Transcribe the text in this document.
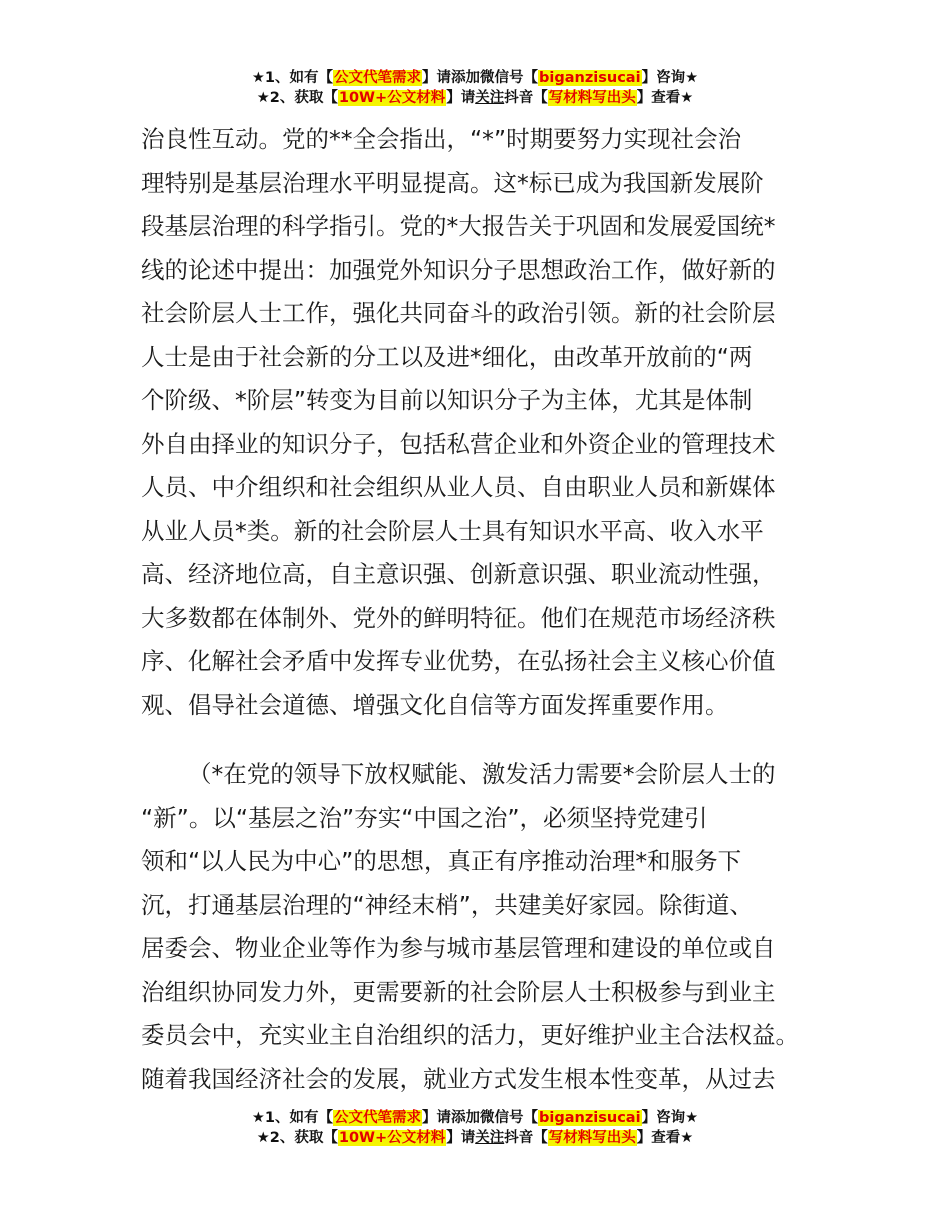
★1、如有【公文代笔需求】请添加微信号【biganzisucai】咨询★
★2、获取【10W+公文材料】请关注抖音【写材料写出头】查看★

治良性互动。党的**全会指出，“*”时期要努力实现社会治

理特别是基层治理水平明显提高。这*标已成为我国新发展阶

段基层治理的科学指引。党的*大报告关于巩固和发展爱国统*

线的论述中提出：加强党外知识分子思想政治工作，做好新的

社会阶层人士工作，强化共同奋斗的政治引领。新的社会阶层

人士是由于社会新的分工以及进*细化，由改革开放前的“两

个阶级、*阶层”转变为目前以知识分子为主体，尤其是体制

外自由择业的知识分子，包括私营企业和外资企业的管理技术

人员、中介组织和社会组织从业人员、自由职业人员和新媒体

从业人员*类。新的社会阶层人士具有知识水平高、收入水平

高、经济地位高，自主意识强、创新意识强、职业流动性强，

大多数都在体制外、党外的鲜明特征。他们在规范市场经济秩

序、化解社会矛盾中发挥专业优势，在弘扬社会主义核心价值

观、倡导社会道德、增强文化自信等方面发挥重要作用。

（*在党的领导下放权赋能、激发活力需要*会阶层人士的

“新”。以“基层之治”夯实“中国之治”，必须坚持党建引

领和“以人民为中心”的思想，真正有序推动治理*和服务下

沉，打通基层治理的“神经末梢”，共建美好家园。除街道、

居委会、物业企业等作为参与城市基层管理和建设的单位或自

治组织协同发力外，更需要新的社会阶层人士积极参与到业主

委员会中，充实业主自治组织的活力，更好维护业主合法权益。

随着我国经济社会的发展，就业方式发生根本性变革，从过去

★1、如有【公文代笔需求】请添加微信号【biganzisucai】咨询★
★2、获取【10W+公文材料】请关注抖音【写材料写出头】查看★
